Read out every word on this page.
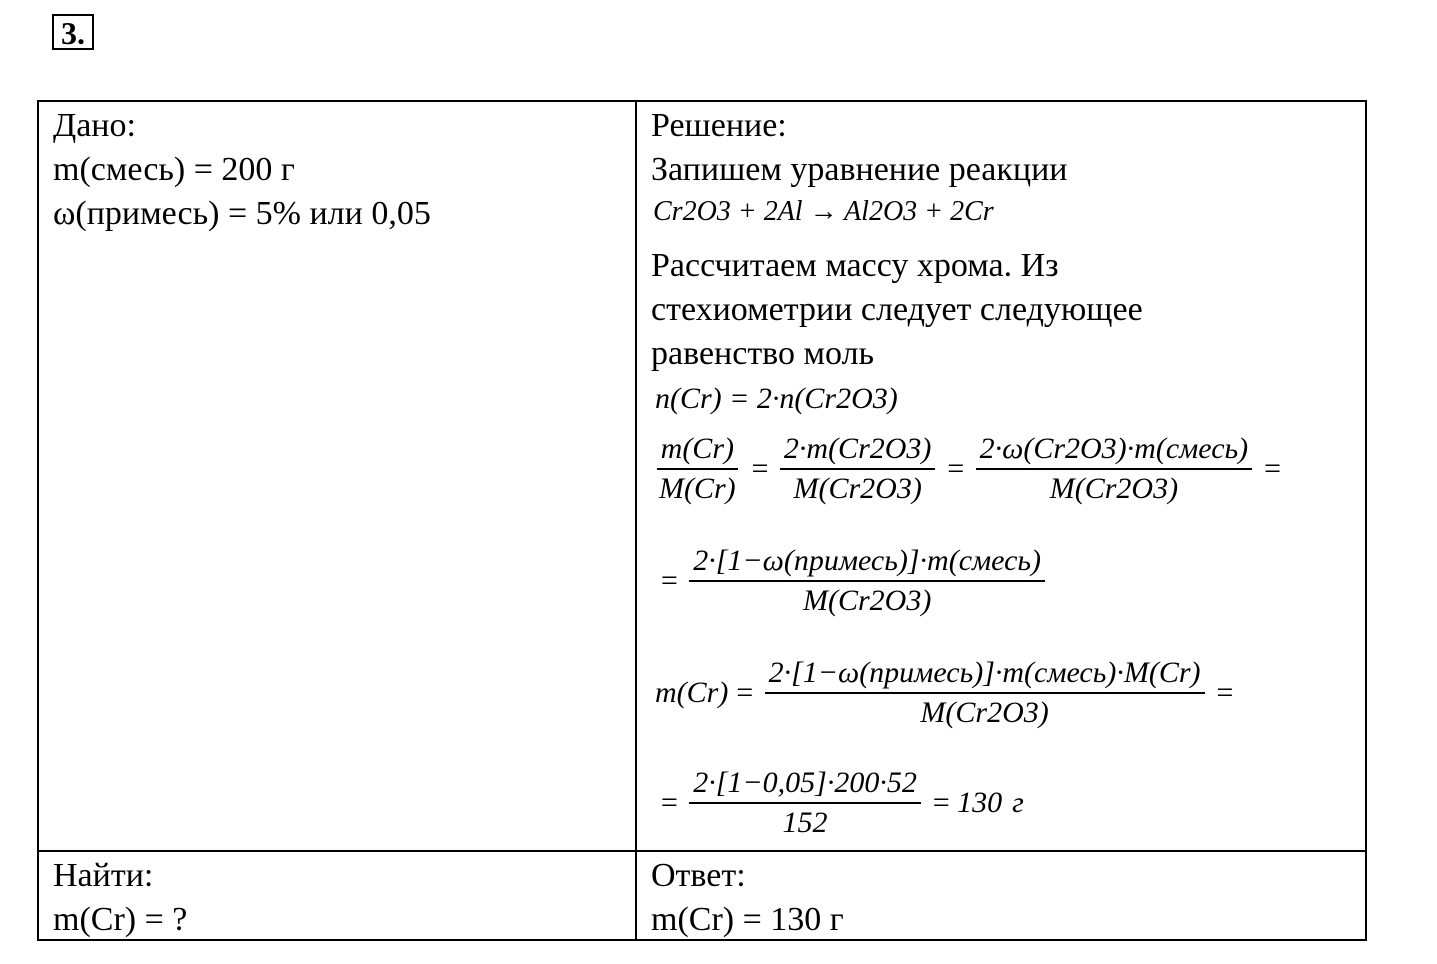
3.
Дано:
m(смесь) = 200 г
ω(примесь) = 5% или 0,05
Найти:
m(Cr) = ?
Решение:
Запишем уравнение реакции
Cr2O3 + 2Al → Al2O3 + 2Cr
Рассчитаем массу хрома. Из
стехиометрии следует следующее
равенство моль
n(Cr) = 2·n(Cr2O3)
$\frac{m(Cr)}{M(Cr)} = \frac{2\cdot m(Cr2O3)}{M(Cr2O3)} = \frac{\text{2·ω(Cr2O3)·m(смесь)}}{M(Cr2O3)}$ =
= $\frac{\text{2·[1−ω(примесь)]·m(смесь)}}{M(Cr2O3)}$
$m(Cr) = \frac{\text{2·[1−ω(примесь)]·m(смесь)·M(Cr)}}{M(Cr2O3)}$ =
= $\frac{2\cdot[1-0,05]\cdot 200\cdot 52}{152} = 130$ г
Ответ:
m(Cr) = 130 г
